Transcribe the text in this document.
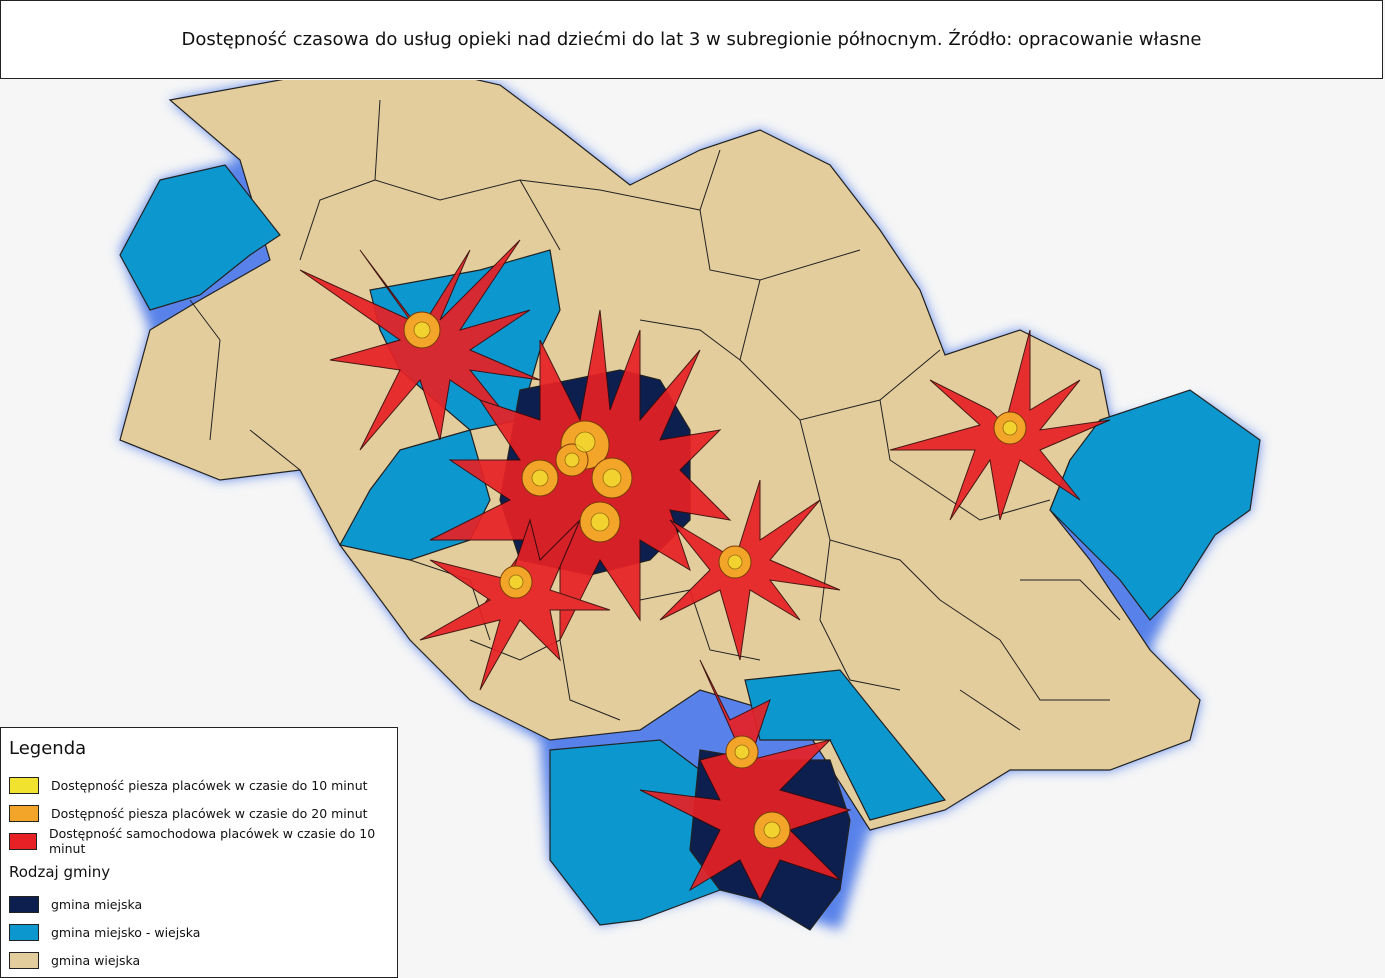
Dostępność czasowa do usług opieki nad dziećmi do lat 3 w subregionie północnym. Źródło: opracowanie własne
Legenda
Dostępność piesza placówek w czasie do 10 minut
Dostępność piesza placówek w czasie do 20 minut
Dostępność samochodowa placówek w czasie do 10 minut
Rodzaj gminy
gmina miejska
gmina miejsko - wiejska
gmina wiejska
